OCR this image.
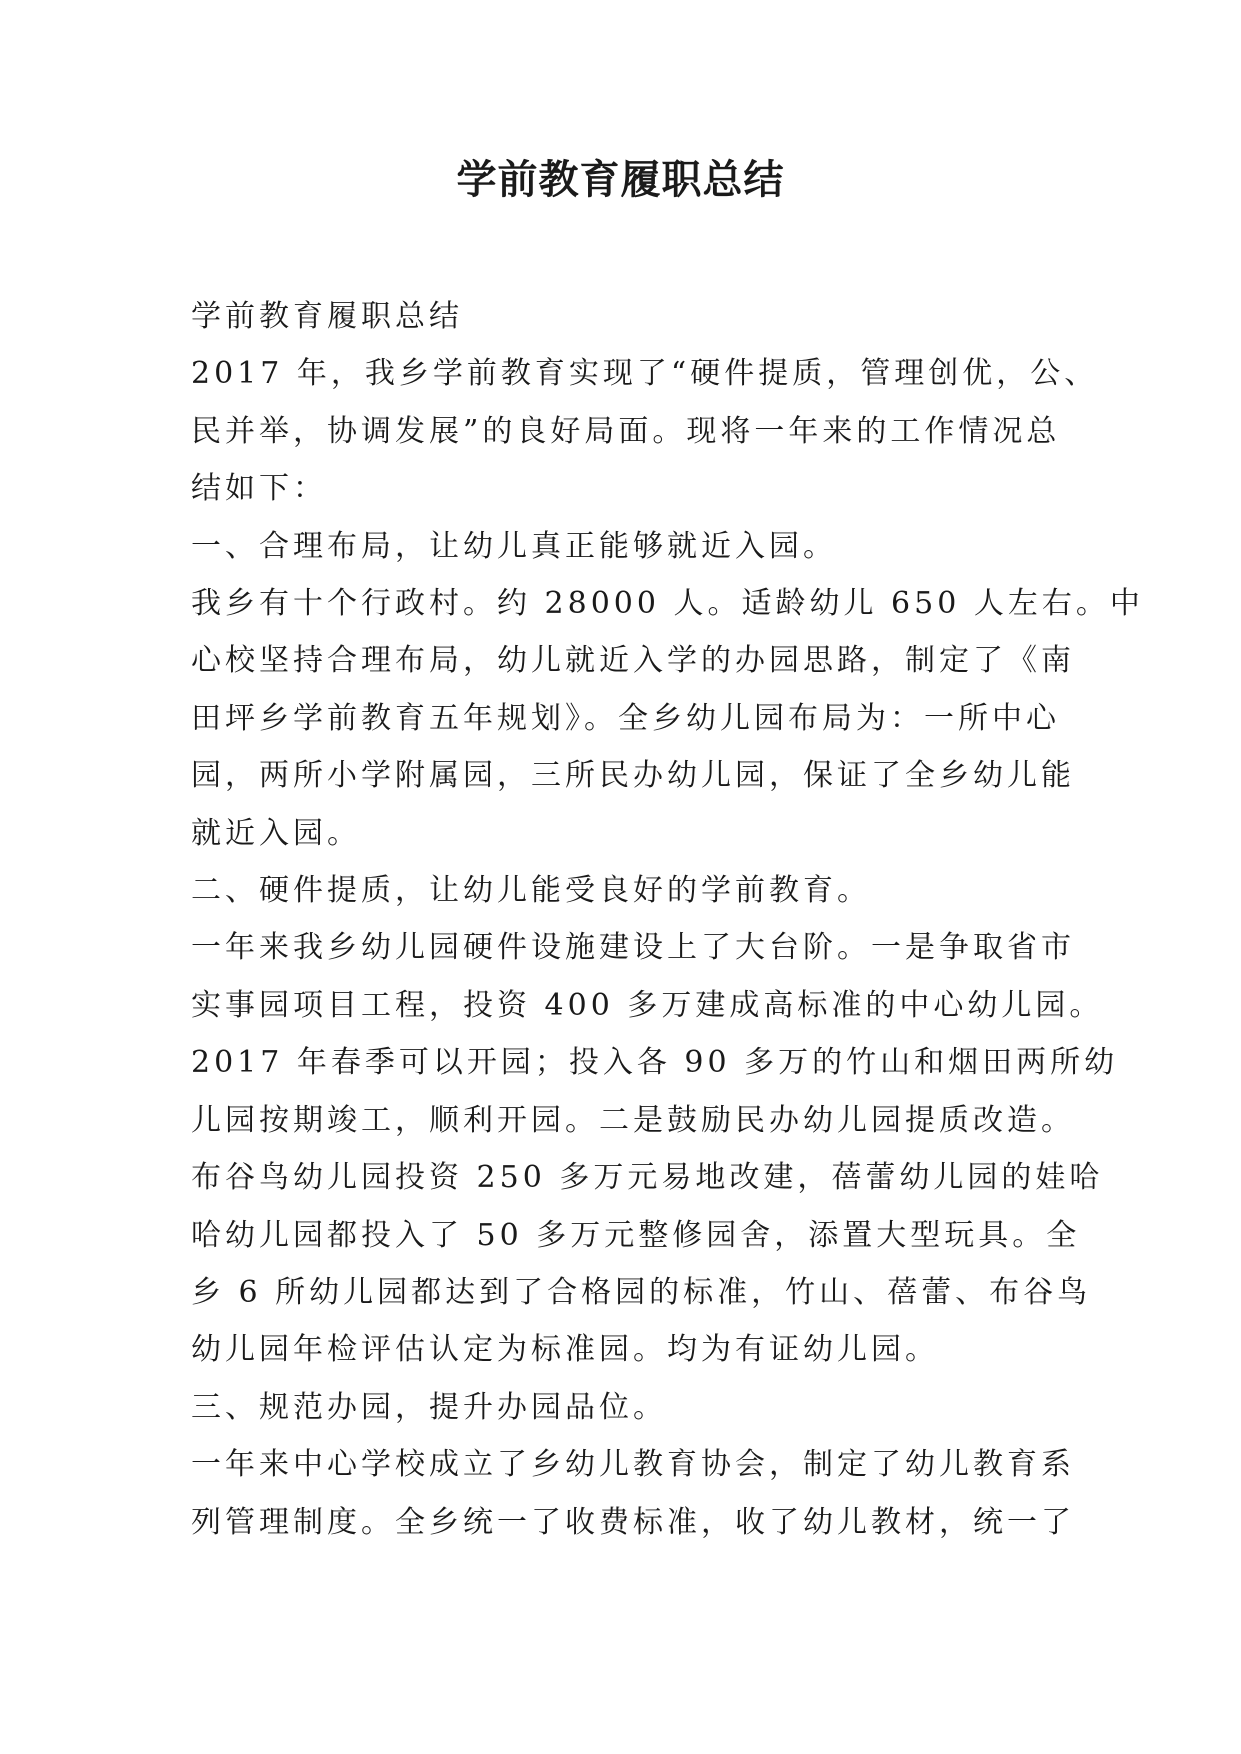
学前教育履职总结

学前教育履职总结

2017 年，我乡学前教育实现了“硬件提质，管理创优，公、

民并举，协调发展”的良好局面。现将一年来的工作情况总

结如下：

一、合理布局，让幼儿真正能够就近入园。

我乡有十个行政村。约 28000 人。适龄幼儿 650 人左右。中

心校坚持合理布局，幼儿就近入学的办园思路，制定了《南

田坪乡学前教育五年规划》。全乡幼儿园布局为：一所中心

园，两所小学附属园，三所民办幼儿园，保证了全乡幼儿能

就近入园。

二、硬件提质，让幼儿能受良好的学前教育。

一年来我乡幼儿园硬件设施建设上了大台阶。一是争取省市

实事园项目工程，投资 400 多万建成高标准的中心幼儿园。

2017 年春季可以开园；投入各 90 多万的竹山和烟田两所幼

儿园按期竣工，顺利开园。二是鼓励民办幼儿园提质改造。

布谷鸟幼儿园投资 250 多万元易地改建，蓓蕾幼儿园的娃哈

哈幼儿园都投入了 50 多万元整修园舍，添置大型玩具。全

乡 6 所幼儿园都达到了合格园的标准，竹山、蓓蕾、布谷鸟

幼儿园年检评估认定为标准园。均为有证幼儿园。

三、规范办园，提升办园品位。

一年来中心学校成立了乡幼儿教育协会，制定了幼儿教育系

列管理制度。全乡统一了收费标准，收了幼儿教材，统一了
